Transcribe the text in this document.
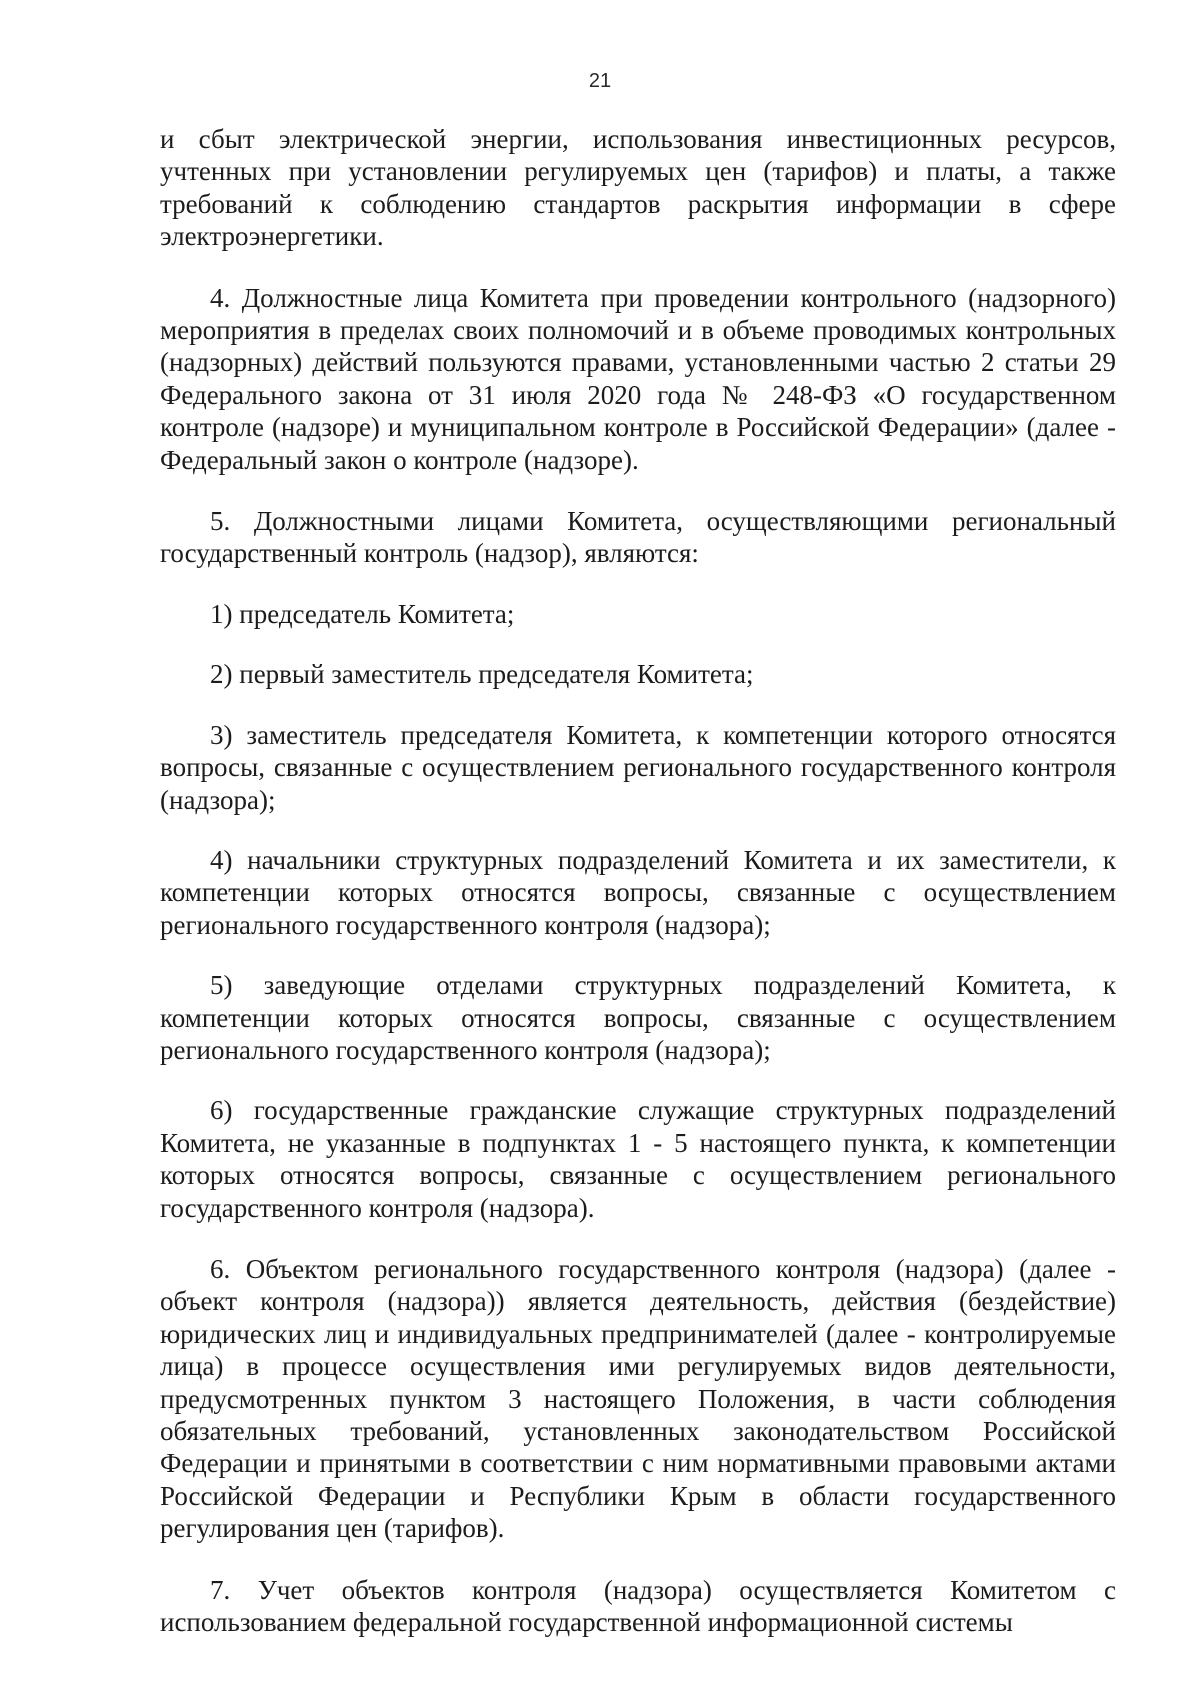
21

и сбыт электрической энергии, использования инвестиционных ресурсов, учтенных при установлении регулируемых цен (тарифов) и платы, а также требований к соблюдению стандартов раскрытия информации в сфере электроэнергетики.

4. Должностные лица Комитета при проведении контрольного (надзорного) мероприятия в пределах своих полномочий и в объеме проводимых контрольных (надзорных) действий пользуются правами, установленными частью 2 статьи 29 Федерального закона от 31 июля 2020 года № 248-ФЗ «О государственном контроле (надзоре) и муниципальном контроле в Российской Федерации» (далее - Федеральный закон о контроле (надзоре).

5. Должностными лицами Комитета, осуществляющими региональный государственный контроль (надзор), являются:

1) председатель Комитета;

2) первый заместитель председателя Комитета;

3) заместитель председателя Комитета, к компетенции которого относятся вопросы, связанные с осуществлением регионального государственного контроля (надзора);

4) начальники структурных подразделений Комитета и их заместители, к компетенции которых относятся вопросы, связанные с осуществлением регионального государственного контроля (надзора);

5) заведующие отделами структурных подразделений Комитета, к компетенции которых относятся вопросы, связанные с осуществлением регионального государственного контроля (надзора);

6) государственные гражданские служащие структурных подразделений Комитета, не указанные в подпунктах 1 - 5 настоящего пункта, к компетенции которых относятся вопросы, связанные с осуществлением регионального государственного контроля (надзора).

6. Объектом регионального государственного контроля (надзора) (далее - объект контроля (надзора)) является деятельность, действия (бездействие) юридических лиц и индивидуальных предпринимателей (далее - контролируемые лица) в процессе осуществления ими регулируемых видов деятельности, предусмотренных пунктом 3 настоящего Положения, в части соблюдения обязательных требований, установленных законодательством Российской Федерации и принятыми в соответствии с ним нормативными правовыми актами Российской Федерации и Республики Крым в области государственного регулирования цен (тарифов).

7. Учет объектов контроля (надзора) осуществляется Комитетом с использованием федеральной государственной информационной системы
